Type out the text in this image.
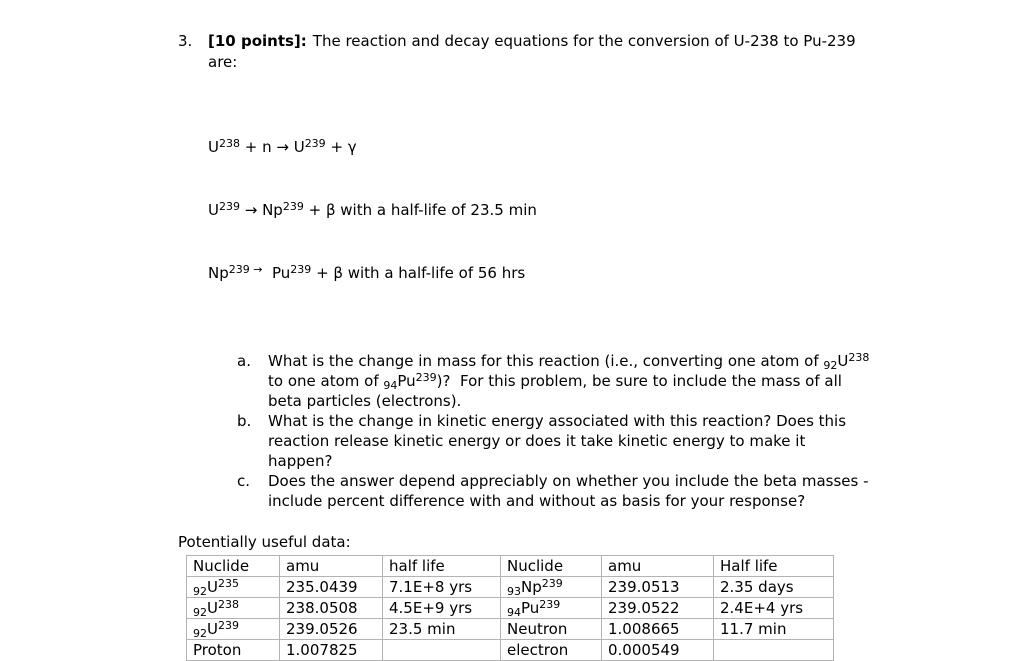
3. [10 points]: The reaction and decay equations for the conversion of U-238 to Pu-239 are:

$U^{238} + n \to U^{239} + \gamma$

$U^{239} \to Np^{239} + \beta$ with a half-life of 23.5 min

$Np^{239 \to}$  $Pu^{239} + \beta$ with a half-life of 56 hrs

a.	What is the change in mass for this reaction (i.e., converting one atom of $_{92}U^{238}$ to one atom of $_{94}Pu^{239}$)?  For this problem, be sure to include the mass of all beta particles (electrons).
b.	What is the change in kinetic energy associated with this reaction? Does this reaction release kinetic energy or does it take kinetic energy to make it happen?
c.	Does the answer depend appreciably on whether you include the beta masses - include percent difference with and without as basis for your response?
Potentially useful data:
Nuclide	amu	half life	Nuclide	amu	Half life
$_{92}U^{235}$	235.0439	7.1E+8 yrs	$_{93}Np^{239}$	239.0513	2.35 days
$_{92}U^{238}$	238.0508	4.5E+9 yrs	$_{94}Pu^{239}$	239.0522	2.4E+4 yrs
$_{92}U^{239}$	239.0526	23.5 min	Neutron	1.008665	11.7 min
Proton	1.007825		electron	0.000549	
